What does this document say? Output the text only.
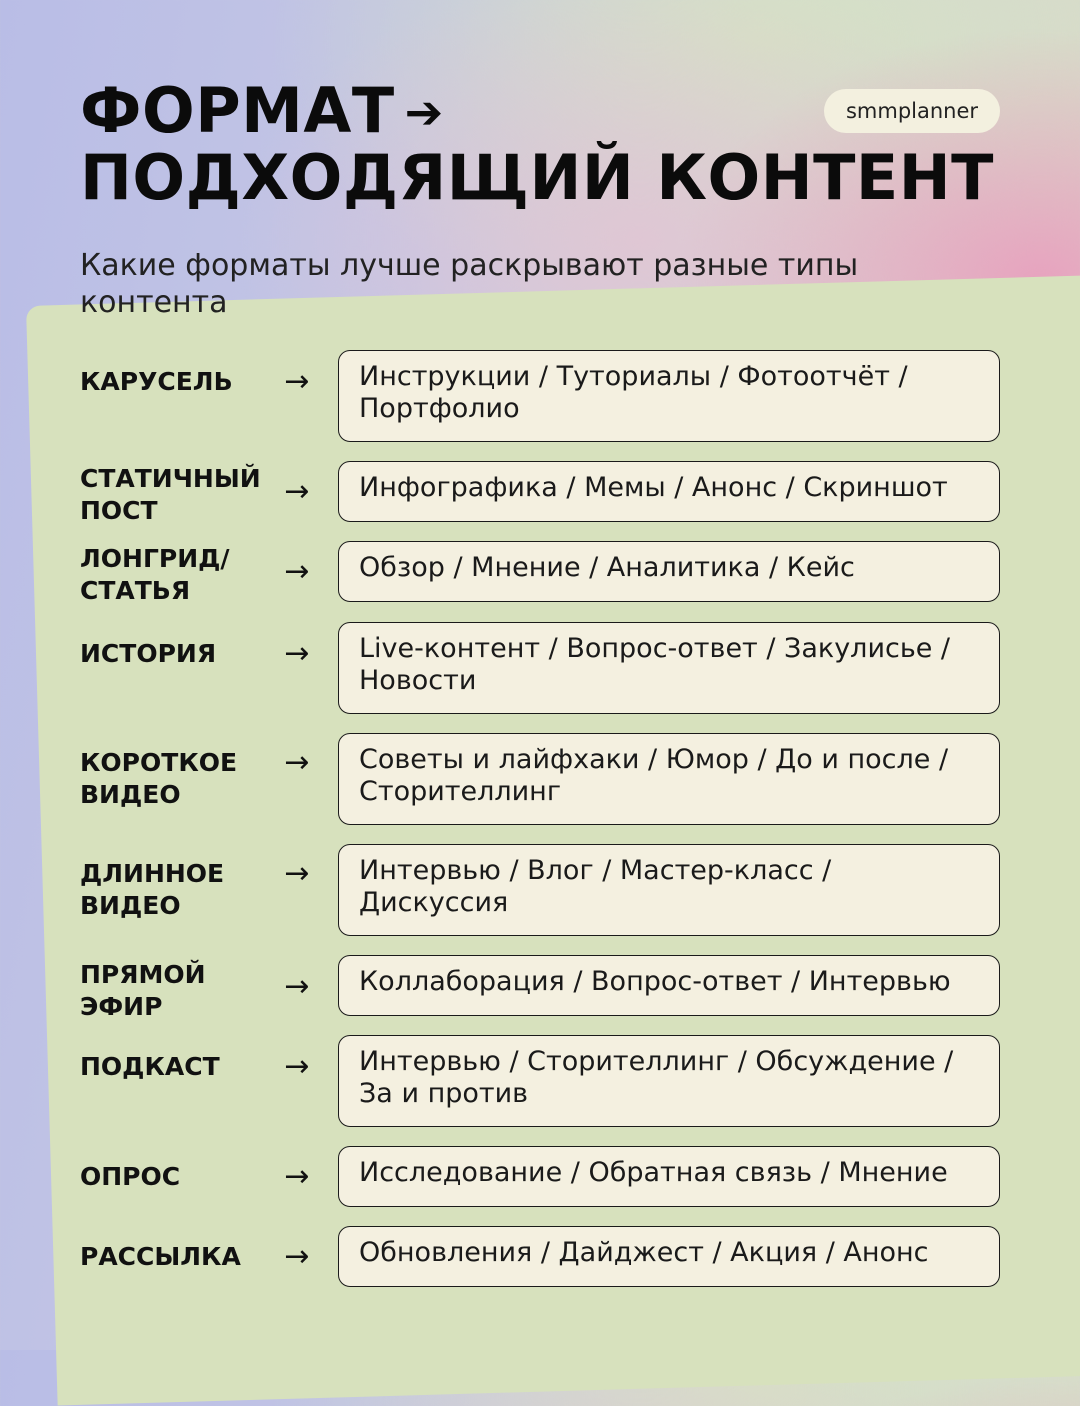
ФОРМАТ ➔
ПОДХОДЯЩИЙ КОНТЕНТ
smmplanner

Какие форматы лучше раскрывают разные типы контента

КАРУСЕЛЬ	→ Инструкции / Туториалы / Фотоотчёт /
Портфолио
СТАТИЧНЫЙ
ПОСТ
→ Инфографика / Мемы / Анонс / Скриншот
ЛОНГРИД/
СТАТЬЯ
→ Обзор / Мнение / Аналитика / Кейс
ИСТОРИЯ	→ Live-контент / Вопрос-ответ / Закулисье /
Новости
КОРОТКОЕ
ВИДЕО
→ Советы и лайфхаки / Юмор / До и после /
Сторителлинг
ДЛИННОЕ
ВИДЕО
→ Интервью / Влог / Мастер-класс /
Дискуссия
ПРЯМОЙ
ЭФИР
→ Коллаборация / Вопрос-ответ / Интервью
ПОДКАСТ	→ Интервью / Сторителлинг / Обсуждение /
За и против
ОПРОС	→ Исследование / Обратная связь / Мнение
РАССЫЛКА	→ Обновления / Дайджест / Акция / Анонс
